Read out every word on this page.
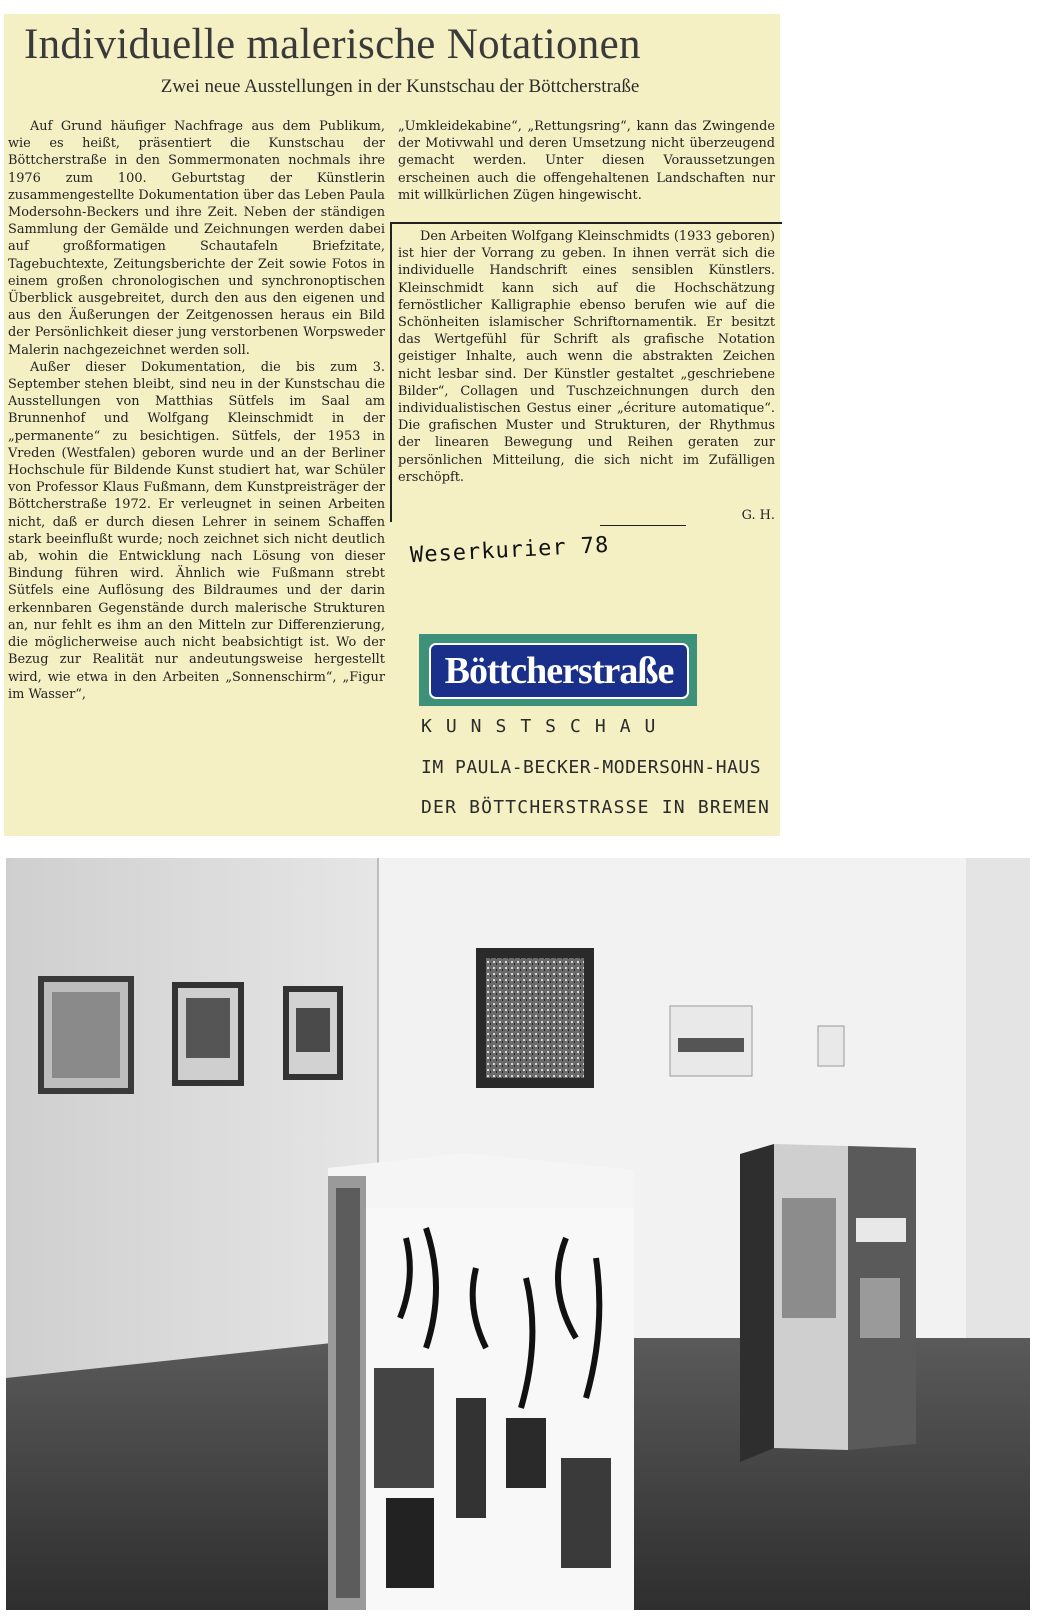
Individuelle malerische Notationen
Zwei neue Ausstellungen in der Kunstschau der Böttcherstraße

Auf Grund häufiger Nachfrage aus dem Publikum, wie es heißt, präsentiert die Kunstschau der Böttcherstraße in den Sommermonaten nochmals ihre 1976 zum 100. Geburtstag der Künstlerin zusammengestellte Dokumentation über das Leben Paula Modersohn-Beckers und ihre Zeit. Neben der ständigen Sammlung der Gemälde und Zeichnungen werden dabei auf großformatigen Schautafeln Briefzitate, Tagebuchtexte, Zeitungsberichte der Zeit sowie Fotos in einem großen chronologischen und synchronoptischen Überblick ausgebreitet, durch den aus den eigenen und aus den Äußerungen der Zeitgenossen heraus ein Bild der Persönlichkeit dieser jung verstorbenen Worpsweder Malerin nachgezeichnet werden soll.

Außer dieser Dokumentation, die bis zum 3. September stehen bleibt, sind neu in der Kunstschau die Ausstellungen von Matthias Sütfels im Saal am Brunnenhof und Wolfgang Kleinschmidt in der „permanente“ zu besichtigen. Sütfels, der 1953 in Vreden (Westfalen) geboren wurde und an der Berliner Hochschule für Bildende Kunst studiert hat, war Schüler von Professor Klaus Fußmann, dem Kunstpreisträger der Böttcherstraße 1972. Er verleugnet in seinen Arbeiten nicht, daß er durch diesen Lehrer in seinem Schaffen stark beeinflußt wurde; noch zeichnet sich nicht deutlich ab, wohin die Entwicklung nach Lösung von dieser Bindung führen wird. Ähnlich wie Fußmann strebt Sütfels eine Auflösung des Bildraumes und der darin erkennbaren Gegenstände durch malerische Strukturen an, nur fehlt es ihm an den Mitteln zur Differenzierung, die möglicherweise auch nicht beabsichtigt ist. Wo der Bezug zur Realität nur andeutungsweise hergestellt wird, wie etwa in den Arbeiten „Sonnenschirm“, „Figur im Wasser“,

„Umkleidekabine“, „Rettungsring“, kann das Zwingende der Motivwahl und deren Umsetzung nicht überzeugend gemacht werden. Unter diesen Voraussetzungen erscheinen auch die offengehaltenen Landschaften nur mit willkürlichen Zügen hingewischt.

Den Arbeiten Wolfgang Kleinschmidts (1933 geboren) ist hier der Vorrang zu geben. In ihnen verrät sich die individuelle Handschrift eines sensiblen Künstlers. Kleinschmidt kann sich auf die Hochschätzung fernöstlicher Kalligraphie ebenso berufen wie auf die Schönheiten islamischer Schriftornamentik. Er besitzt das Wertgefühl für Schrift als grafische Notation geistiger Inhalte, auch wenn die abstrakten Zeichen nicht lesbar sind. Der Künstler gestaltet „geschriebene Bilder“, Collagen und Tuschzeichnungen durch den individualistischen Gestus einer „écriture automatique“. Die grafischen Muster und Strukturen, der Rhythmus der linearen Bewegung und Reihen geraten zur persönlichen Mitteilung, die sich nicht im Zufälligen erschöpft.

G. H.
Weserkurier 78
Böttcherstraße
KUNSTSCHAU
IM PAULA-BECKER-MODERSOHN-HAUS
DER BÖTTCHERSTRASSE IN BREMEN
